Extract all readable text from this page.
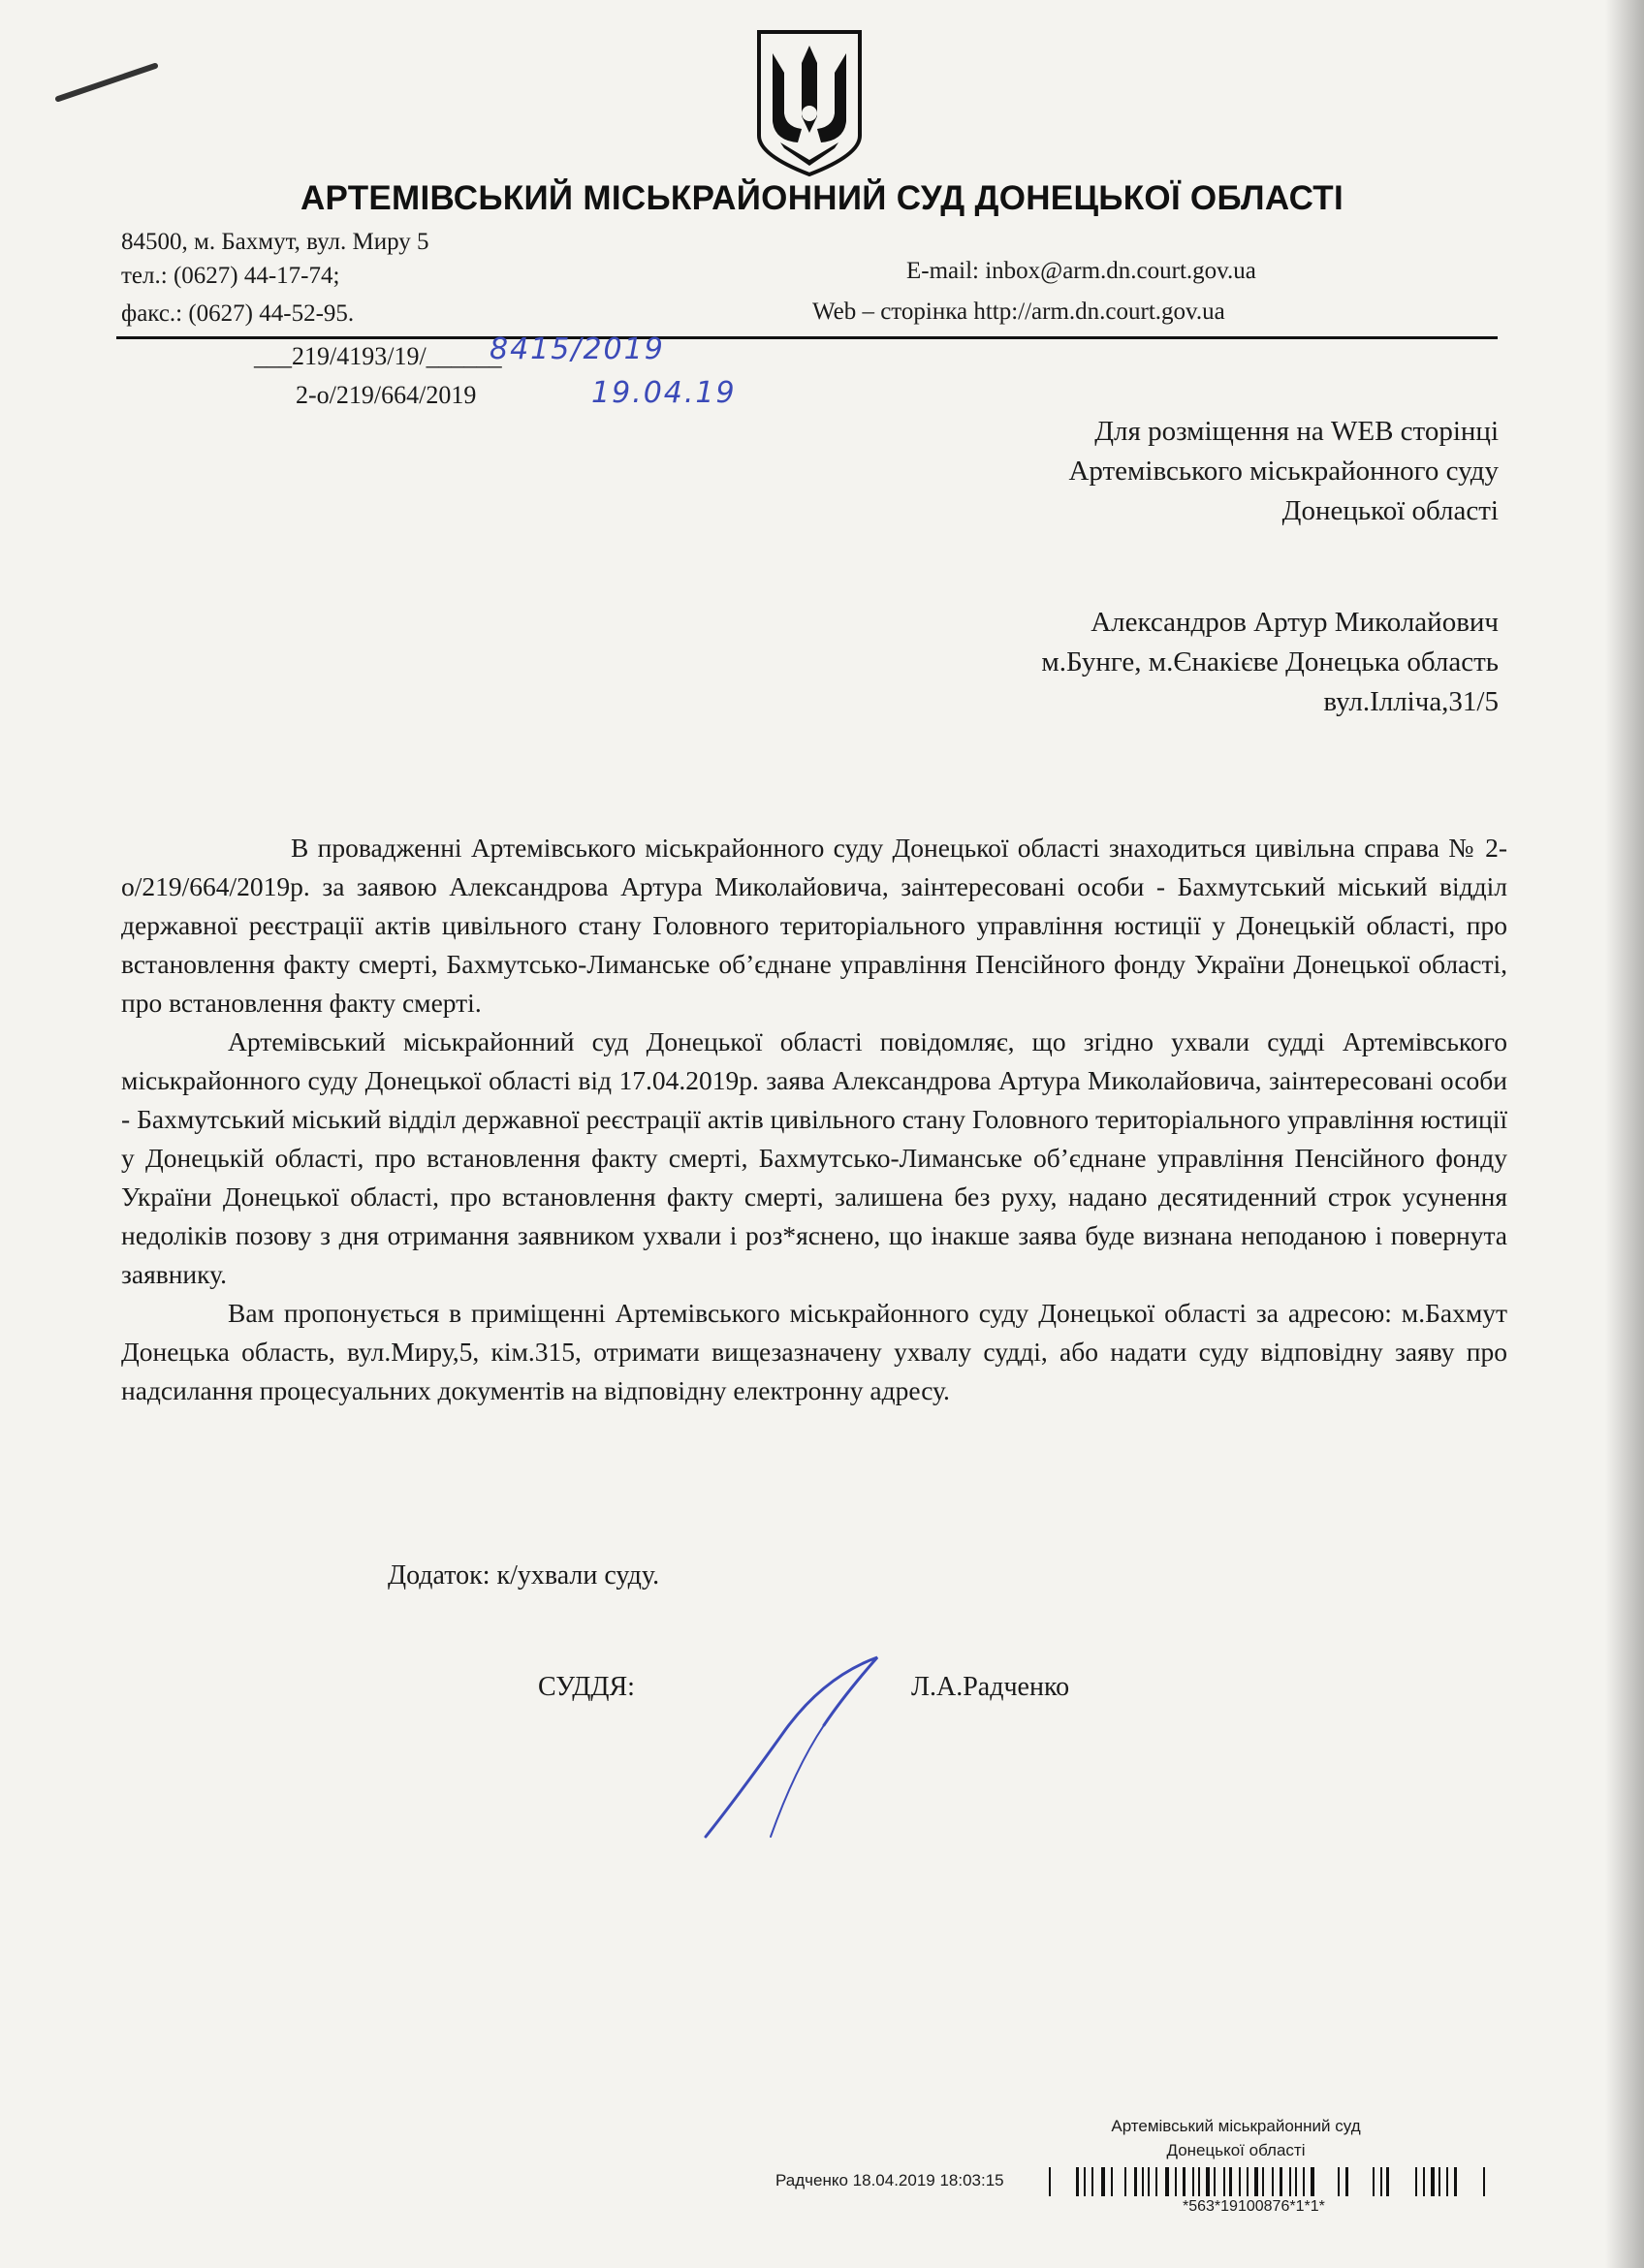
АРТЕМІВСЬКИЙ МІСЬКРАЙОННИЙ СУД ДОНЕЦЬКОЇ ОБЛАСТІ
84500, м. Бахмут, вул. Миру 5
тел.: (0627) 44-17-74;
факс.: (0627) 44-52-95.
E-mail: inbox@arm.dn.court.gov.ua
Web – сторінка http://arm.dn.court.gov.ua
___219/4193/19/______
2-о/219/664/2019
8415/2019
19.04.19
Для розміщення на WEB сторінці
Артемівського міськрайонного суду
Донецької області
Александров Артур Миколайович
м.Бунге, м.Єнакієве Донецька область
вул.Ілліча,31/5

В провадженні Артемівського міськрайонного суду Донецької області знаходиться цивільна справа № 2-о/219/664/2019р. за заявою Александрова Артура Миколайовича, заінтересовані особи - Бахмутський міський відділ державної реєстрації актів цивільного стану Головного територіального управління юстиції у Донецькій області, про встановлення факту смерті, Бахмутсько-Лиманське об’єднане управління Пенсійного фонду України Донецької області, про встановлення факту смерті.

Артемівський міськрайонний суд Донецької області повідомляє, що згідно ухвали судді Артемівського міськрайонного суду Донецької області від 17.04.2019р. заява Александрова Артура Миколайовича, заінтересовані особи - Бахмутський міський відділ державної реєстрації актів цивільного стану Головного територіального управління юстиції у Донецькій області, про встановлення факту смерті, Бахмутсько-Лиманське об’єднане управління Пенсійного фонду України Донецької області, про встановлення факту смерті, залишена без руху, надано десятиденний строк усунення недоліків позову з дня отримання заявником ухвали і роз*яснено, що інакше заява буде визнана неподаною і повернута заявнику.

Вам пропонується в приміщенні Артемівського міськрайонного суду Донецької області за адресою: м.Бахмут Донецька область, вул.Миру,5, кім.315, отримати вищезазначену ухвалу судді, або надати суду відповідну заяву про надсилання процесуальних документів на відповідну електронну адресу.

Додаток: к/ухвали суду.
СУДДЯ:	Л.А.Радченко
Артемівський міськрайонний суд
Донецької області
Радченко 18.04.2019 18:03:15
*563*19100876*1*1*
